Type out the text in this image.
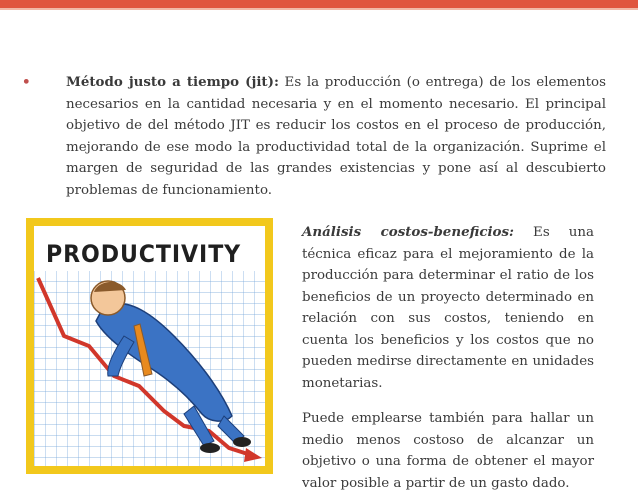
•	Método justo a tiempo (jit): Es la producción (o entrega) de los elementos necesarios en la cantidad necesaria y en el momento necesario. El principal objetivo de del método JIT es reducir los costos en el proceso de producción, mejorando de ese modo la productividad total de la organización. Suprime el margen de seguridad de las grandes existencias y pone así al descubierto problemas de funcionamiento.
PRODUCTIVITY
Análisis costos-beneficios: Es una técnica eficaz para el mejoramiento de la producción para determinar el ratio de los beneficios de un proyecto determinado en relación con sus costos, teniendo en cuenta los beneficios y los costos que no pueden medirse directamente en unidades monetarias.
Puede emplearse también para hallar un medio menos costoso de alcanzar un objetivo o una forma de obtener el mayor valor posible a partir de un gasto dado.
